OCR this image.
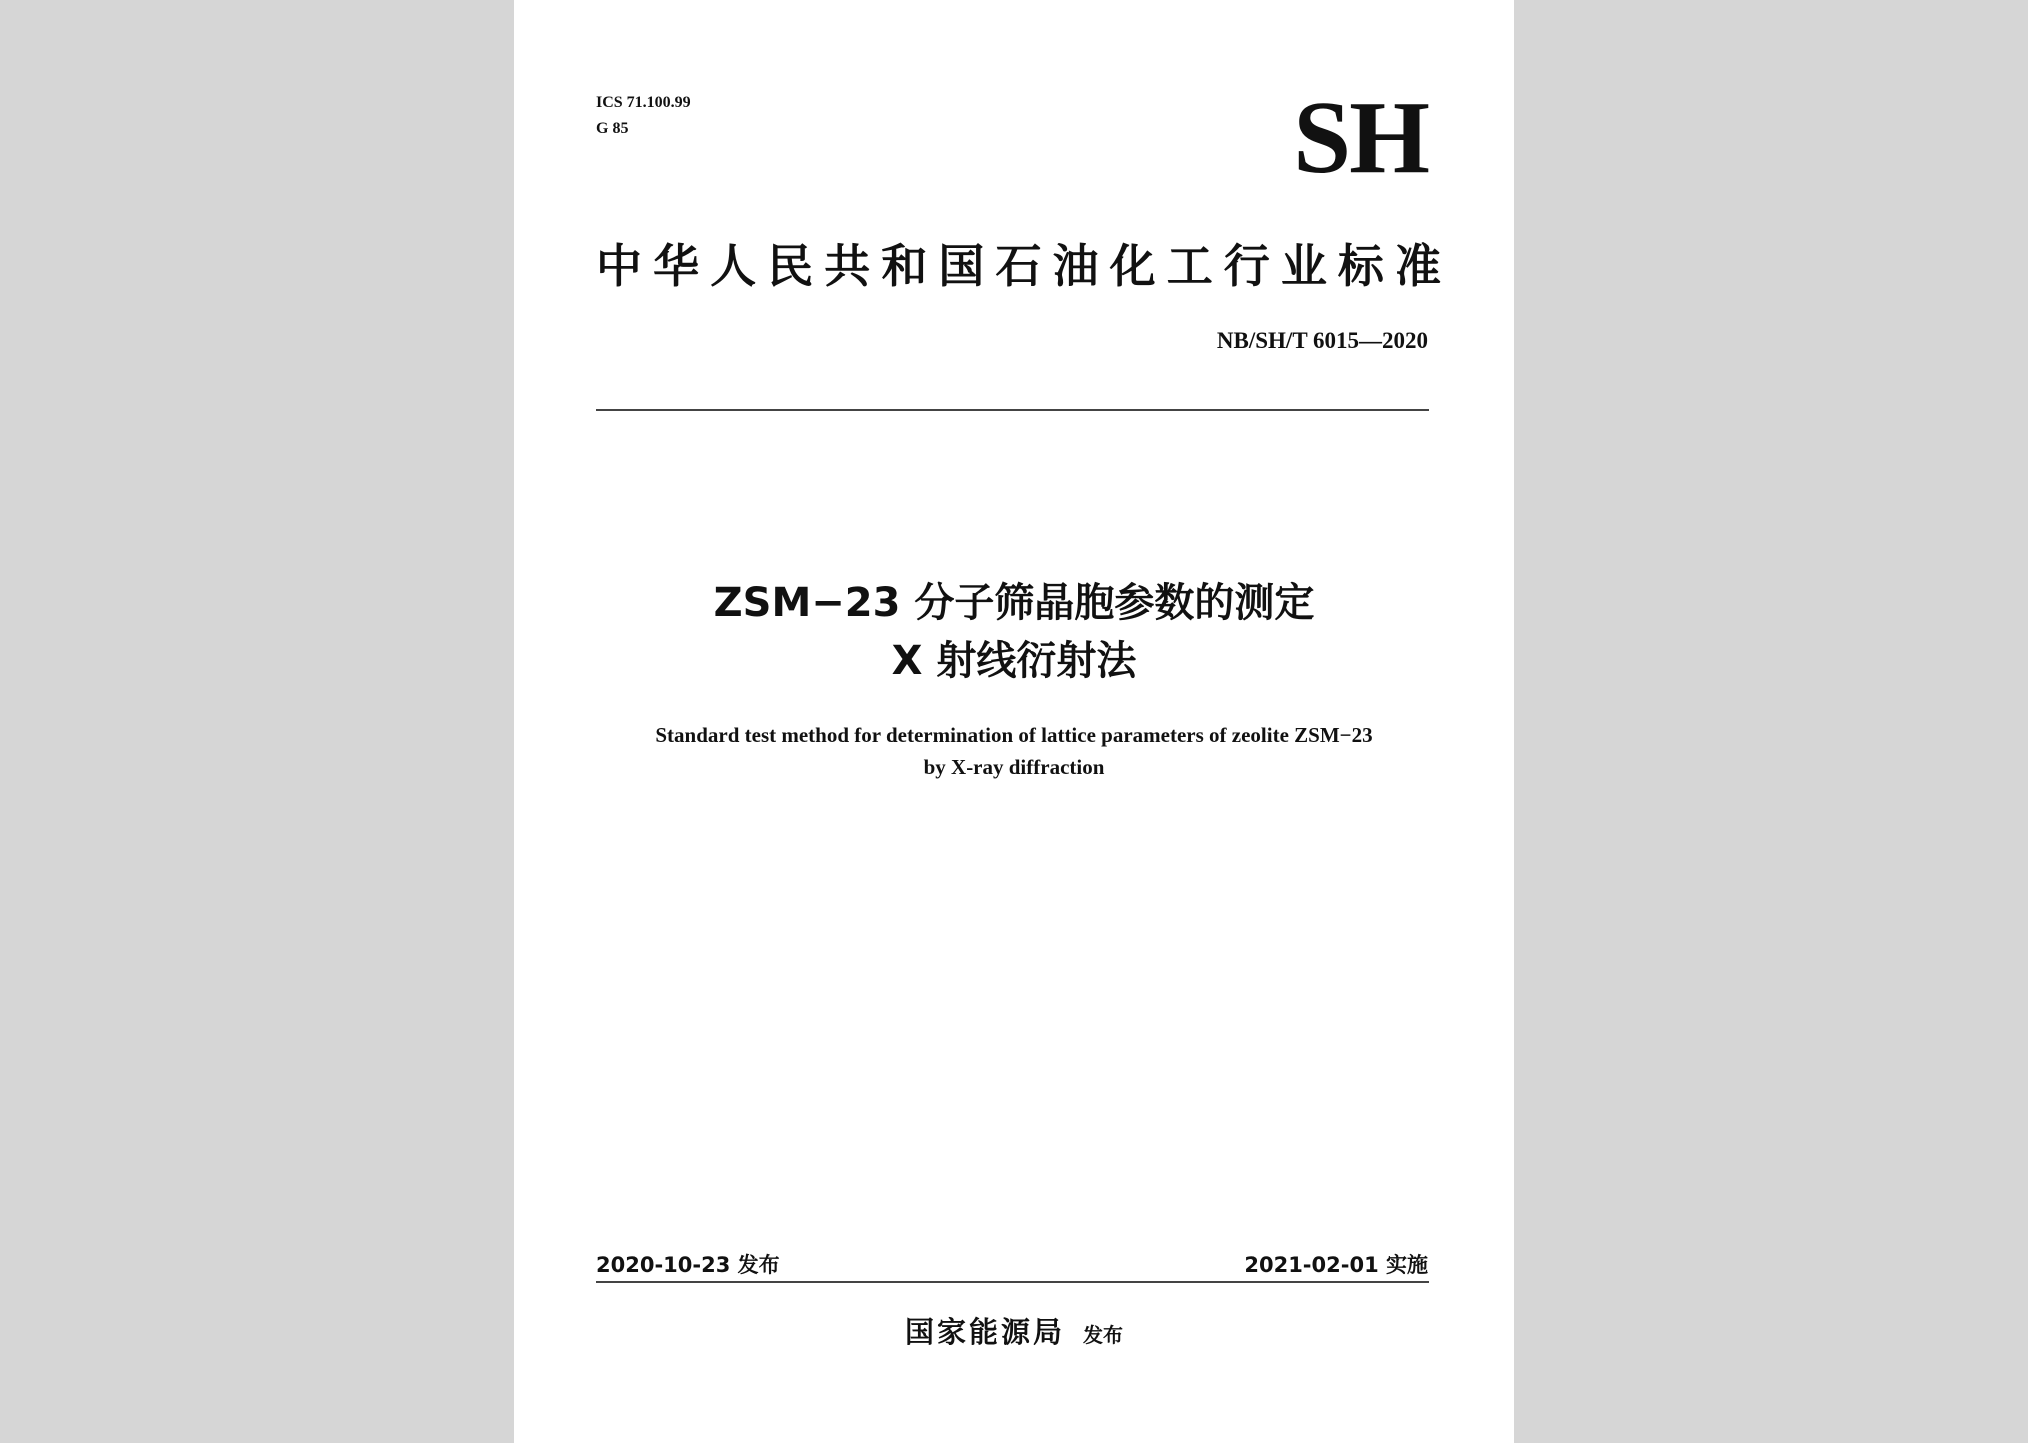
ICS 71.100.99
G 85	SH
中华人民共和国石油化工行业标准
NB/SH/T 6015—2020
ZSM−23 分子筛晶胞参数的测定
X 射线衍射法
Standard test method for determination of lattice parameters of zeolite ZSM−23
by X-ray diffraction
2020-10-23 发布	2021-02-01 实施
国家能源局 发布
